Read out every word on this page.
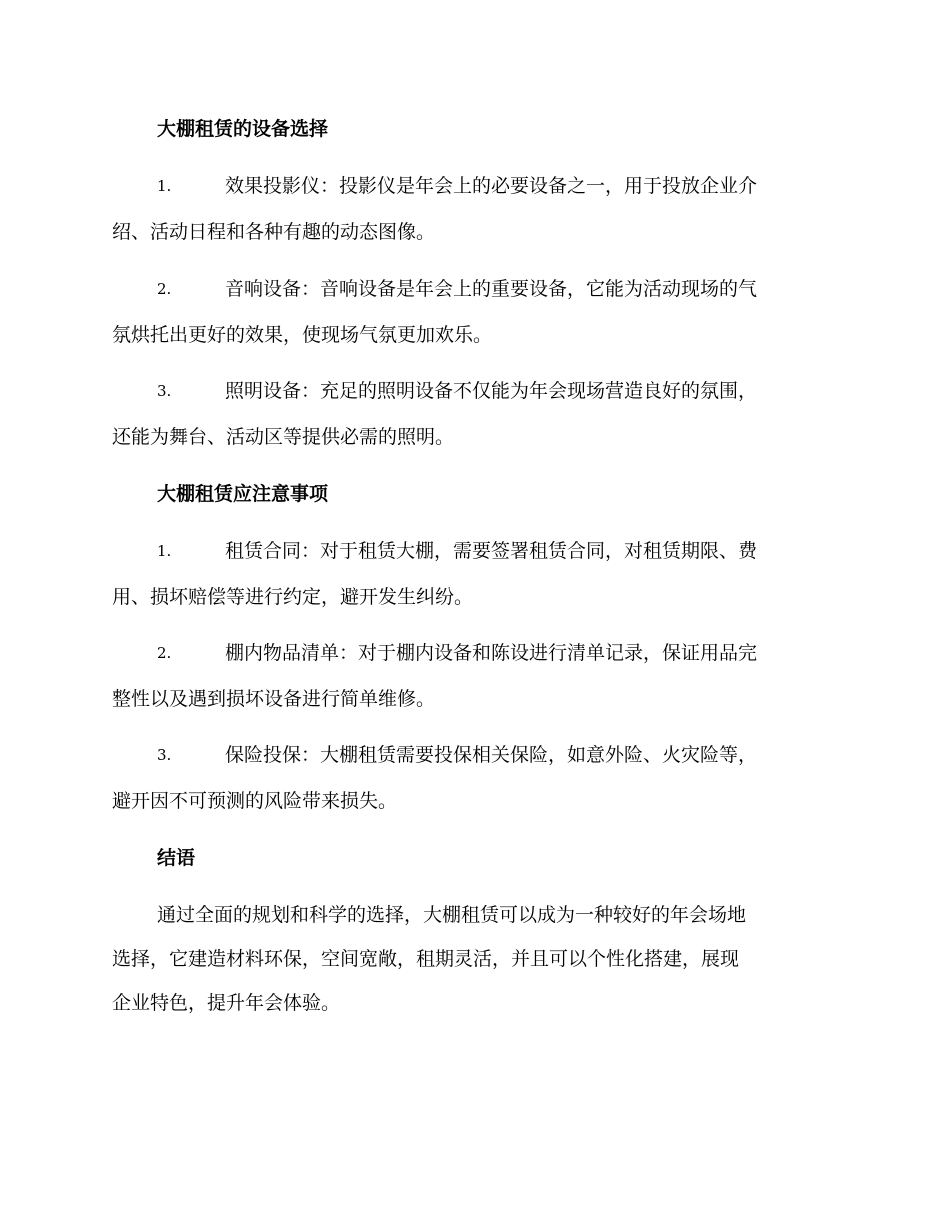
大棚租赁的设备选择
1.	效果投影仪：投影仪是年会上的必要设备之一，用于投放企业介
绍、活动日程和各种有趣的动态图像。
2.	音响设备：音响设备是年会上的重要设备，它能为活动现场的气
氛烘托出更好的效果，使现场气氛更加欢乐。
3.	照明设备：充足的照明设备不仅能为年会现场营造良好的氛围，
还能为舞台、活动区等提供必需的照明。
大棚租赁应注意事项
1.	租赁合同：对于租赁大棚，需要签署租赁合同，对租赁期限、费
用、损坏赔偿等进行约定，避开发生纠纷。
2.	棚内物品清单：对于棚内设备和陈设进行清单记录，保证用品完
整性以及遇到损坏设备进行简单维修。
3.	保险投保：大棚租赁需要投保相关保险，如意外险、火灾险等，
避开因不可预测的风险带来损失。
结语
通过全面的规划和科学的选择，大棚租赁可以成为一种较好的年会场地
选择，它建造材料环保，空间宽敞，租期灵活，并且可以个性化搭建，展现
企业特色，提升年会体验。
